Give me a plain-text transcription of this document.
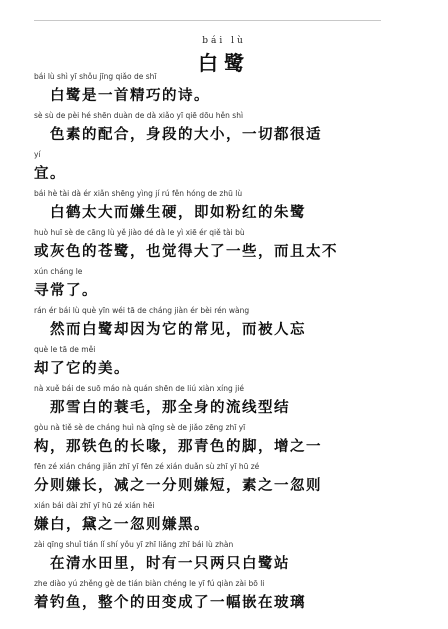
bái lù
白鹭
bái lù shì yī shǒu jīng qiǎo de shī
　白鹭是一首精巧的诗。
sè sù de pèi hé shēn duàn de dà xiǎo yī qiē dōu hěn shì
　色素的配合，身段的大小，一切都很适
yí
宜。
bái hè tài dà ér xiǎn shēng yìng jí rú fěn hóng de zhū lù
　白鹤太大而嫌生硬，即如粉红的朱鹭
huò huī sè de cāng lù yě jiào dé dà le yì xiē ér qiě tài bù
或灰色的苍鹭，也觉得大了一些，而且太不
xún cháng le
寻常了。
rán ér bái lù què yīn wéi tā de cháng jiàn ér bèi rén wàng
　然而白鹭却因为它的常见，而被人忘
què le tā de měi
却了它的美。
nà xuě bái de suō máo nà quán shēn de liú xiàn xíng jié
　那雪白的蓑毛，那全身的流线型结
gòu nà tiě sè de cháng huì nà qīng sè de jiǎo zēng zhī yī
构，那铁色的长喙，那青色的脚，增之一
fēn zé xián cháng jiǎn zhī yī fēn zé xián duǎn sù zhī yī hū zé
分则嫌长，减之一分则嫌短，素之一忽则
xián bái dài zhī yī hū zé xián hēi
嫌白，黛之一忽则嫌黑。
zài qīng shuǐ tián lǐ shí yǒu yī zhī liǎng zhī bái lù zhàn
　在清水田里，时有一只两只白鹭站
zhe diào yú zhěng gè de tián biàn chéng le yī fú qiàn zài bō li
着钓鱼，整个的田变成了一幅嵌在玻璃
